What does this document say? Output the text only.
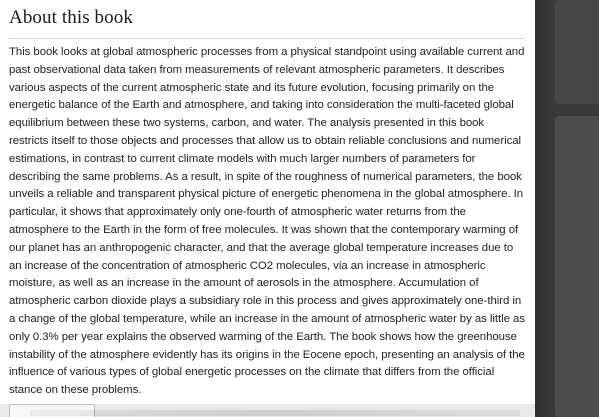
About this book

This book looks at global atmospheric processes from a physical standpoint using available current and past observational data taken from measurements of relevant atmospheric parameters. It describes various aspects of the current atmospheric state and its future evolution, focusing primarily on the energetic balance of the Earth and atmosphere, and taking into consideration the multi-faceted global equilibrium between these two systems, carbon, and water. The analysis presented in this book restricts itself to those objects and processes that allow us to obtain reliable conclusions and numerical estimations, in contrast to current climate models with much larger numbers of parameters for describing the same problems. As a result, in spite of the roughness of numerical parameters, the book unveils a reliable and transparent physical picture of energetic phenomena in the global atmosphere. In particular, it shows that approximately only one-fourth of atmospheric water returns from the atmosphere to the Earth in the form of free molecules. It was shown that the contemporary warming of our planet has an anthropogenic character, and that the average global temperature increases due to an increase of the concentration of atmospheric CO2 molecules, via an increase in atmospheric moisture, as well as an increase in the amount of aerosols in the atmosphere. Accumulation of atmospheric carbon dioxide plays a subsidiary role in this process and gives approximately one-third in a change of the global temperature, while an increase in the amount of atmospheric water by as little as only 0.3% per year explains the observed warming of the Earth. The book shows how the greenhouse instability of the atmosphere evidently has its origins in the Eocene epoch, presenting an analysis of the influence of various types of global energetic processes on the climate that differs from the official stance on these problems.
